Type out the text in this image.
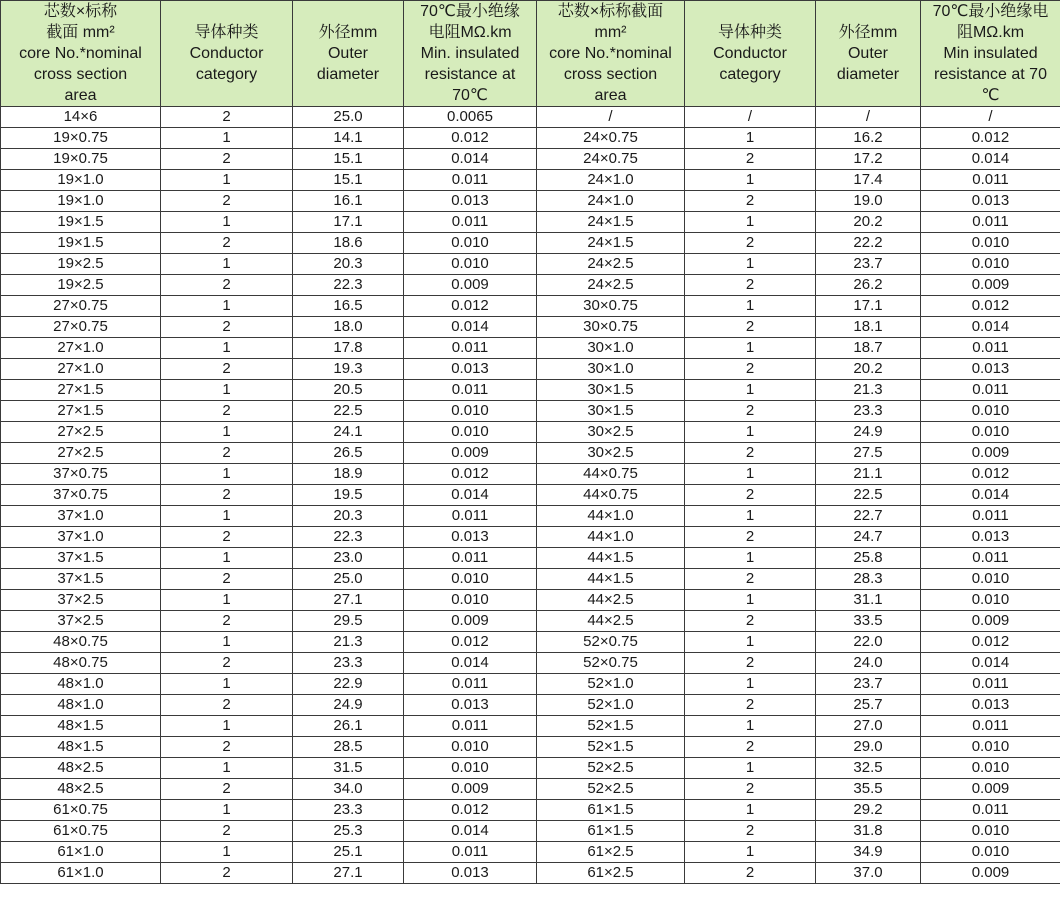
芯数×标称
截面 mm²
core No.*nominal
cross section
area	导体种类
Conductor
category	外径mm
Outer
diameter	70℃最小绝缘
电阻MΩ.km
Min. insulated
resistance at
70℃	芯数×标称截面
mm²
core No.*nominal
cross section
area	导体种类
Conductor
category	外径mm
Outer
diameter	70℃最小绝缘电
阻MΩ.km
Min insulated
resistance at 70
℃

14×6	2	25.0	0.0065	/	/	/	/
19×0.75	1	14.1	0.012	24×0.75	1	16.2	0.012
19×0.75	2	15.1	0.014	24×0.75	2	17.2	0.014
19×1.0	1	15.1	0.011	24×1.0	1	17.4	0.011
19×1.0	2	16.1	0.013	24×1.0	2	19.0	0.013
19×1.5	1	17.1	0.011	24×1.5	1	20.2	0.011
19×1.5	2	18.6	0.010	24×1.5	2	22.2	0.010
19×2.5	1	20.3	0.010	24×2.5	1	23.7	0.010
19×2.5	2	22.3	0.009	24×2.5	2	26.2	0.009
27×0.75	1	16.5	0.012	30×0.75	1	17.1	0.012
27×0.75	2	18.0	0.014	30×0.75	2	18.1	0.014
27×1.0	1	17.8	0.011	30×1.0	1	18.7	0.011
27×1.0	2	19.3	0.013	30×1.0	2	20.2	0.013
27×1.5	1	20.5	0.011	30×1.5	1	21.3	0.011
27×1.5	2	22.5	0.010	30×1.5	2	23.3	0.010
27×2.5	1	24.1	0.010	30×2.5	1	24.9	0.010
27×2.5	2	26.5	0.009	30×2.5	2	27.5	0.009
37×0.75	1	18.9	0.012	44×0.75	1	21.1	0.012
37×0.75	2	19.5	0.014	44×0.75	2	22.5	0.014
37×1.0	1	20.3	0.011	44×1.0	1	22.7	0.011
37×1.0	2	22.3	0.013	44×1.0	2	24.7	0.013
37×1.5	1	23.0	0.011	44×1.5	1	25.8	0.011
37×1.5	2	25.0	0.010	44×1.5	2	28.3	0.010
37×2.5	1	27.1	0.010	44×2.5	1	31.1	0.010
37×2.5	2	29.5	0.009	44×2.5	2	33.5	0.009
48×0.75	1	21.3	0.012	52×0.75	1	22.0	0.012
48×0.75	2	23.3	0.014	52×0.75	2	24.0	0.014
48×1.0	1	22.9	0.011	52×1.0	1	23.7	0.011
48×1.0	2	24.9	0.013	52×1.0	2	25.7	0.013
48×1.5	1	26.1	0.011	52×1.5	1	27.0	0.011
48×1.5	2	28.5	0.010	52×1.5	2	29.0	0.010
48×2.5	1	31.5	0.010	52×2.5	1	32.5	0.010
48×2.5	2	34.0	0.009	52×2.5	2	35.5	0.009
61×0.75	1	23.3	0.012	61×1.5	1	29.2	0.011
61×0.75	2	25.3	0.014	61×1.5	2	31.8	0.010
61×1.0	1	25.1	0.011	61×2.5	1	34.9	0.010
61×1.0	2	27.1	0.013	61×2.5	2	37.0	0.009
